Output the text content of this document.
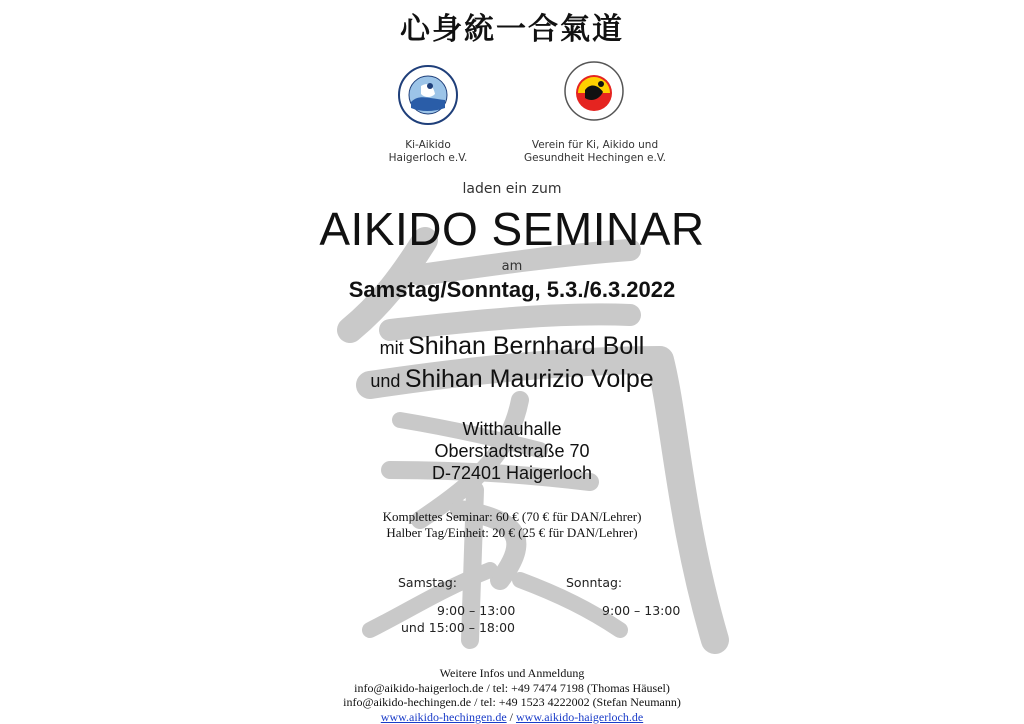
心身統一合氣道
Ki-Aikido
Haigerloch e.V.
Verein für Ki, Aikido und
Gesundheit Hechingen e.V.
laden ein zum
AIKIDO SEMINAR
am
Samstag/Sonntag, 5.3./6.3.2022
mit Shihan Bernhard Boll
und Shihan Maurizio Volpe
Witthauhalle
Oberstadtstraße 70
D-72401 Haigerloch
Komplettes Seminar: 60 € (70 € für DAN/Lehrer)
Halber Tag/Einheit: 20 € (25 € für DAN/Lehrer)
Samstag:	Sonntag:
9:00 – 13:00
und 15:00 – 18:00
9:00 – 13:00
Weitere Infos und Anmeldung
info@aikido-haigerloch.de / tel: +49 7474 7198 (Thomas Häusel)
info@aikido-hechingen.de / tel: +49 1523 4222002 (Stefan Neumann)
www.aikido-hechingen.de / www.aikido-haigerloch.de
